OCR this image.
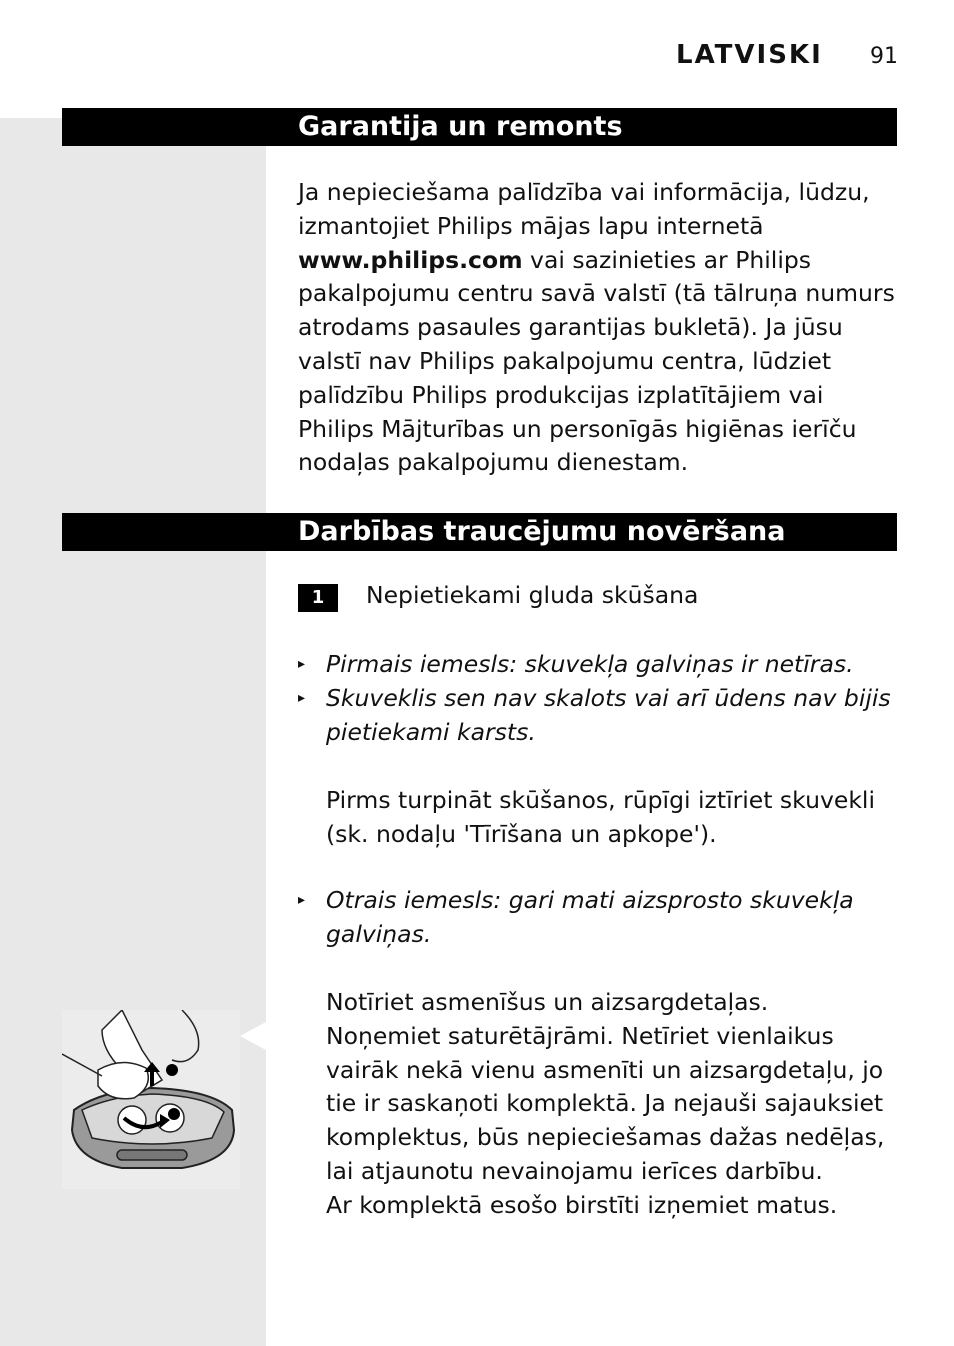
LATVISKI 91
Garantija un remonts

Ja nepieciešama palīdzība vai informācija, lūdzu, izmantojiet Philips mājas lapu internetā www.philips.com vai sazinieties ar Philips pakalpojumu centru savā valstī (tā tālruņa numurs atrodams pasaules garantijas bukletā). Ja jūsu valstī nav Philips pakalpojumu centra, lūdziet palīdzību Philips produkcijas izplatītājiem vai Philips Mājturības un personīgās higiēnas ierīču nodaļas pakalpojumu dienestam.

Darbības traucējumu novēršana
1	Nepietiekami gluda skūšana
▸ Pirmais iemesls: skuvekļa galviņas ir netīras.
▸ Skuveklis sen nav skalots vai arī ūdens nav bijis pietiekami karsts.
Pirms turpināt skūšanos, rūpīgi iztīriet skuvekli (sk. nodaļu 'Tīrīšana un apkope').
▸ Otrais iemesls: gari mati aizsprosto skuvekļa galviņas.
Notīriet asmenīšus un aizsargdetaļas.
Noņemiet saturētājrāmi. Netīriet vienlaikus vairāk nekā vienu asmenīti un aizsargdetaļu, jo tie ir saskaņoti komplektā. Ja nejauši sajauksiet komplektus, būs nepieciešamas dažas nedēļas, lai atjaunotu nevainojamu ierīces darbību.
Ar komplektā esošo birstīti izņemiet matus.
